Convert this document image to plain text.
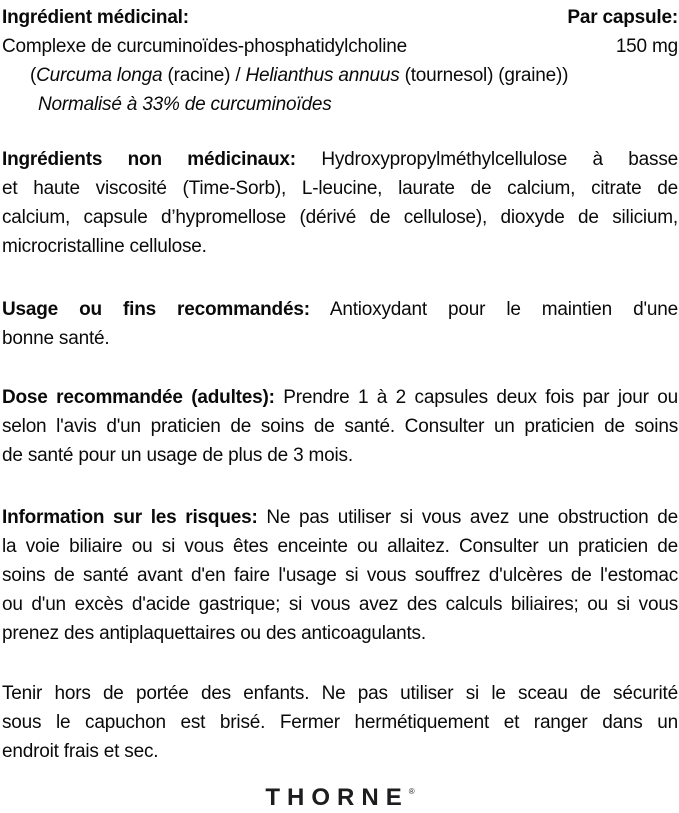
Ingrédient médicinal:	Par capsule:
Complexe de curcuminoïdes-phosphatidylcholine	150 mg
(Curcuma longa (racine) / Helianthus annuus (tournesol) (graine))
Normalisé à 33% de curcuminoïdes
Ingrédients non médicinaux: Hydroxypropylméthylcellulose à basse
et haute viscosité (Time-Sorb), L-leucine, laurate de calcium, citrate de
calcium, capsule d’hypromellose (dérivé de cellulose), dioxyde de silicium,
microcristalline cellulose.
Usage ou fins recommandés: Antioxydant pour le maintien d'une
bonne santé.
Dose recommandée (adultes): Prendre 1 à 2 capsules deux fois par jour ou
selon l'avis d'un praticien de soins de santé. Consulter un praticien de soins
de santé pour un usage de plus de 3 mois.
Information sur les risques: Ne pas utiliser si vous avez une obstruction de
la voie biliaire ou si vous êtes enceinte ou allaitez. Consulter un praticien de
soins de santé avant d'en faire l'usage si vous souffrez d'ulcères de l'estomac
ou d'un excès d'acide gastrique; si vous avez des calculs biliaires; ou si vous
prenez des antiplaquettaires ou des anticoagulants.
Tenir hors de portée des enfants. Ne pas utiliser si le sceau de sécurité
sous le capuchon est brisé. Fermer hermétiquement et ranger dans un
endroit frais et sec.
THORNE®
